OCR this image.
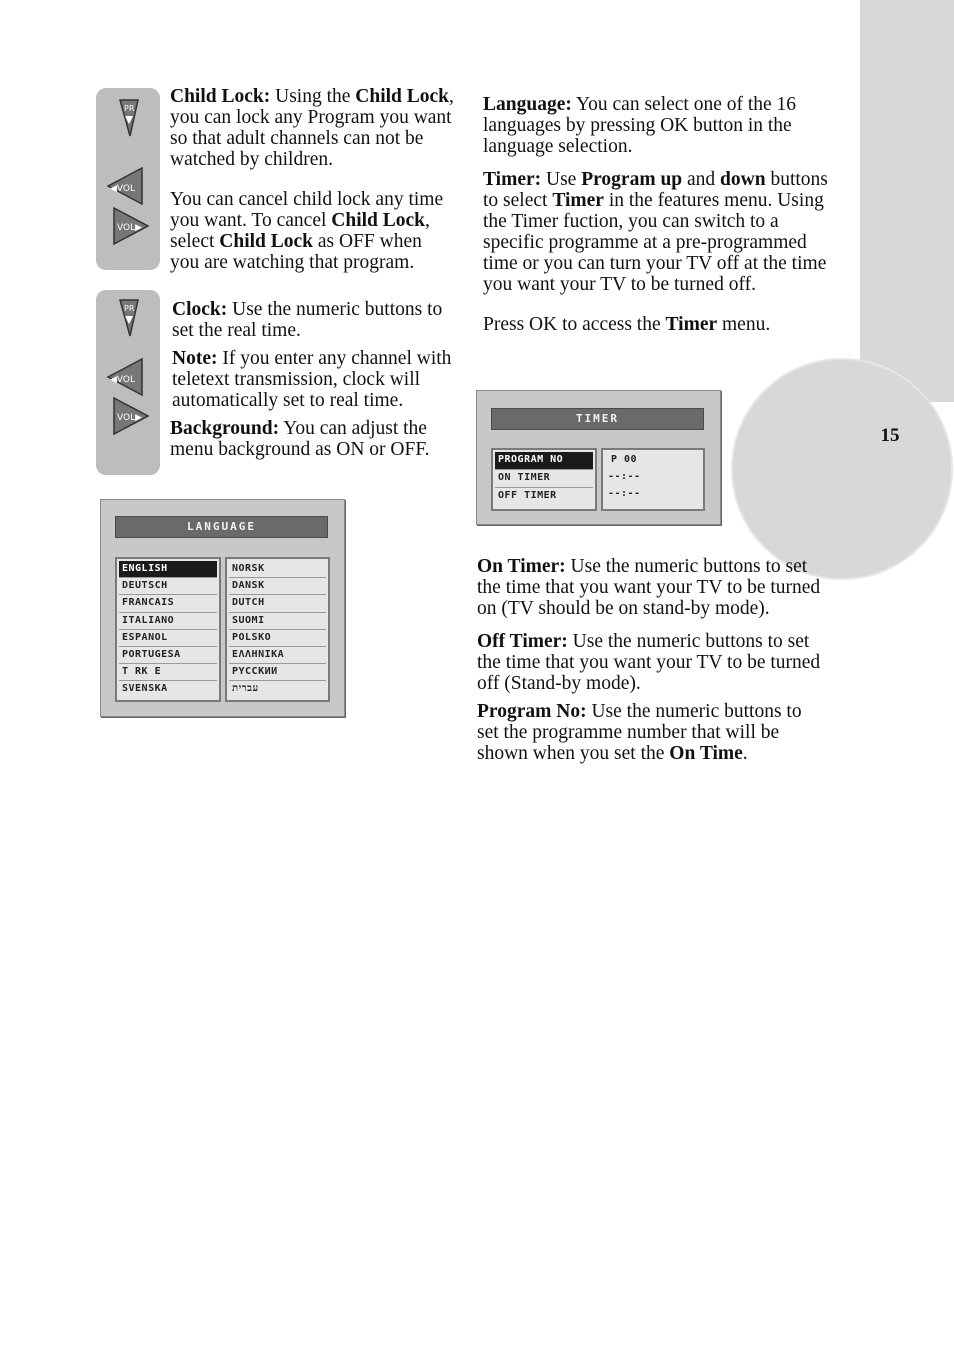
15
PR
◀VOL
VOL▶
PR
◀VOL
VOL▶

Child Lock: Using the Child Lock, you can lock any Program you want so that adult channels can not be watched by children.

You can cancel child lock any time you want. To cancel Child Lock, select Child Lock as OFF when you are watching that program.

Clock: Use the numeric buttons to set the real time.

Note: If you enter any channel with teletext transmission, clock will automatically set to real time.

Background: You can adjust the menu background as ON or OFF.

LANGUAGE
ENGLISH
DEUTSCH
FRANCAIS
ITALIANO
ESPANOL
PORTUGESA
T RK E
SVENSKA
NORSK
DANSK
DUTCH
SUOMI
POLSKO
ΕΛΛΗΝΙΚΑ
PYCCKИИ
עברית

Language: You can select one of the 16 languages by pressing OK button in the language selection.

Timer: Use Program up and down buttons to select Timer in the features menu. Using the Timer fuction, you can switch to a specific programme at a pre-programmed time or you can turn your TV off at the time you want your TV to be turned off.

Press OK to access the Timer menu.

TIMER
PROGRAM NO
ON TIMER
OFF TIMER
P 00
--:--
--:--

On Timer: Use the numeric buttons to set the time that you want your TV to be turned on (TV should be on stand-by mode).

Off Timer: Use the numeric buttons to set the time that you want your TV to be turned off (Stand-by mode).

Program No: Use the numeric buttons to set the programme number that will be shown when you set the On Time.
